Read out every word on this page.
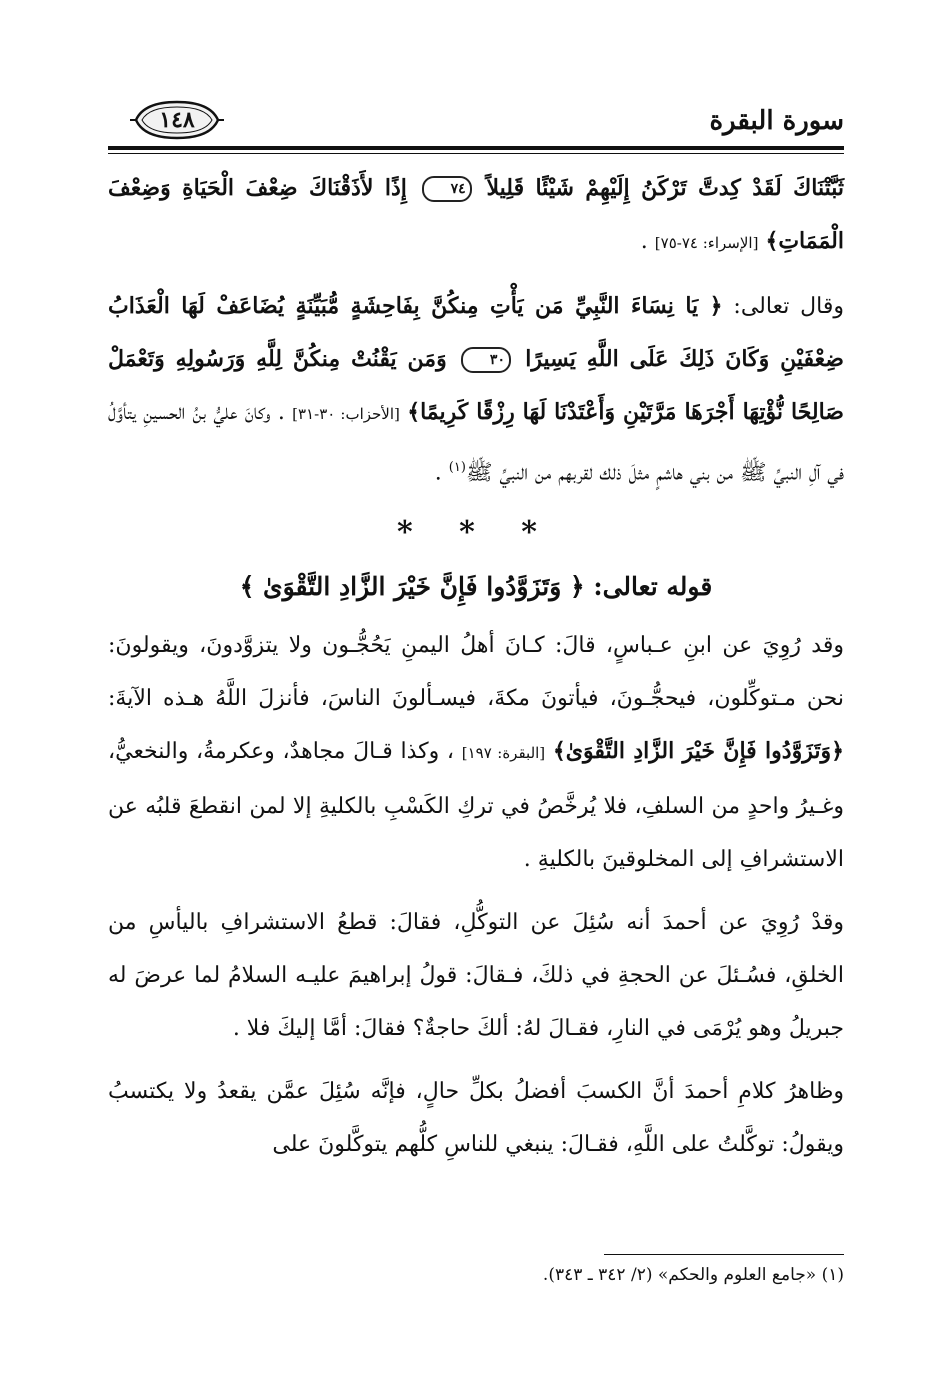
سورة البقرة
١٤٨

ثَبَّتْنَاكَ لَقَدْ كِدتَّ تَرْكَنُ إِلَيْهِمْ شَيْئًا قَلِيلاً ٧٤ إِذًا لأَذَقْنَاكَ ضِعْفَ الْحَيَاةِ وَضِعْفَ الْمَمَاتِ﴾ [الإسراء: ٧٤-٧٥] .

وقال تعالى: ﴿ يَا نِسَاءَ النَّبِيِّ مَن يَأْتِ مِنكُنَّ بِفَاحِشَةٍ مُّبَيِّنَةٍ يُضَاعَفْ لَهَا الْعَذَابُ ضِعْفَيْنِ وَكَانَ ذَلِكَ عَلَى اللَّهِ يَسِيرًا ٣٠ وَمَن يَقْنُتْ مِنكُنَّ لِلَّهِ وَرَسُولِهِ وَتَعْمَلْ صَالِحًا نُّؤْتِهَا أَجْرَهَا مَرَّتَيْنِ وَأَعْتَدْنَا لَهَا رِزْقًا كَرِيمًا﴾ [الأحزاب: ٣٠-٣١] . وكانَ عليُّ بنُ الحسينِ يتأوَّلُ في آلِ النبيِّ ﷺ من بني هاشمٍ مثلَ ذلك لقربهم من النبيِّ ﷺ$^{(١)}$ .

* * *
قوله تعالى: ﴿ وَتَزَوَّدُوا فَإِنَّ خَيْرَ الزَّادِ التَّقْوَىٰ ﴾

وقد رُوِيَ عن ابنِ عـباسٍ، قالَ: كـانَ أهلُ اليمنِ يَحُجُّـون ولا يتزوَّدونَ، ويقولونَ: نحن مـتوكِّلون، فيحجُّـونَ، فيأتونَ مكةَ، فيسـألونَ الناسَ، فأنزلَ اللَّهُ هـذه الآيةَ: ﴿وَتَزَوَّدُوا فَإِنَّ خَيْرَ الزَّادِ التَّقْوَىٰ﴾ [البقرة: ١٩٧] ، وكذا قـالَ مجاهدٌ، وعكرمةُ، والنخعيُّ، وغـيرُ واحدٍ من السلفِ، فلا يُرخَّصُ في تركِ الكَسْبِ بالكليةِ إلا لمن انقطعَ قلبُه عن الاستشرافِ إلى المخلوقينَ بالكليةِ .

وقدْ رُوِيَ عن أحمدَ أنه سُئِلَ عن التوكُّلِ، فقالَ: قطعُ الاستشرافِ باليأسِ من الخلقِ، فسُـئلَ عن الحجةِ في ذلكَ، فـقالَ: قولُ إبراهيمَ عليـه السلامُ لما عرضَ له جبريلُ وهو يُرْمَى في النارِ، فقـالَ لهُ: ألكَ حاجةٌ؟ فقالَ: أمَّا إليكَ فلا .

وظاهرُ كلامِ أحمدَ أنَّ الكسبَ أفضلُ بكلِّ حالٍ، فإنَّه سُئِلَ عمَّن يقعدُ ولا يكتسبُ ويقولُ: توكَّلتُ على اللَّهِ، فقـالَ: ينبغي للناسِ كلُّهم يتوكَّلونَ على

(١) «جامع العلوم والحكم» (٢/ ٣٤٢ ـ ٣٤٣).
